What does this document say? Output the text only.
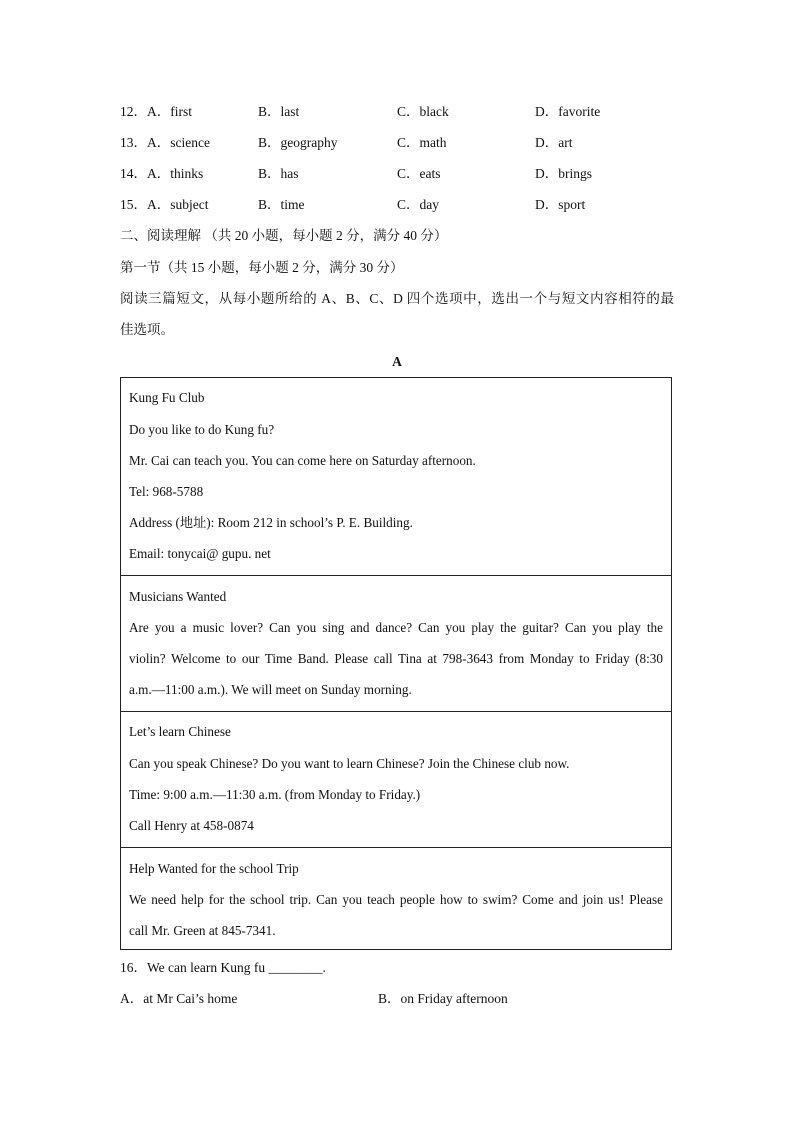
12．A．first	B．last	C．black	D．favorite
13．A．science	B．geography	C．math	D．art
14．A．thinks	B．has	C．eats	D．brings
15．A．subject	B．time	C．day	D．sport
二、阅读理解 （共 20 小题，每小题 2 分，满分 40 分）
第一节（共 15 小题，每小题 2 分，满分 30 分）
阅读三篇短文，从每小题所给的 A、B、C、D 四个选项中，选出一个与短文内容相符的最
佳选项。
A
Kung Fu Club
Do you like to do Kung fu?
Mr. Cai can teach you. You can come here on Saturday afternoon.
Tel: 968-5788
Address (地址): Room 212 in school’s P. E. Building.
Email: tonycai@ gupu. net
Musicians Wanted
Are you a music lover? Can you sing and dance? Can you play the guitar? Can you play the
violin? Welcome to our Time Band. Please call Tina at 798-3643 from Monday to Friday (8:30
a.m.—11:00 a.m.). We will meet on Sunday morning.
Let’s learn Chinese
Can you speak Chinese? Do you want to learn Chinese? Join the Chinese club now.
Time: 9:00 a.m.—11:30 a.m. (from Monday to Friday.)
Call Henry at 458-0874
Help Wanted for the school Trip
We need help for the school trip. Can you teach people how to swim? Come and join us! Please
call Mr. Green at 845-7341.
16．We can learn Kung fu ________.
A．at Mr Cai’s home	B．on Friday afternoon
